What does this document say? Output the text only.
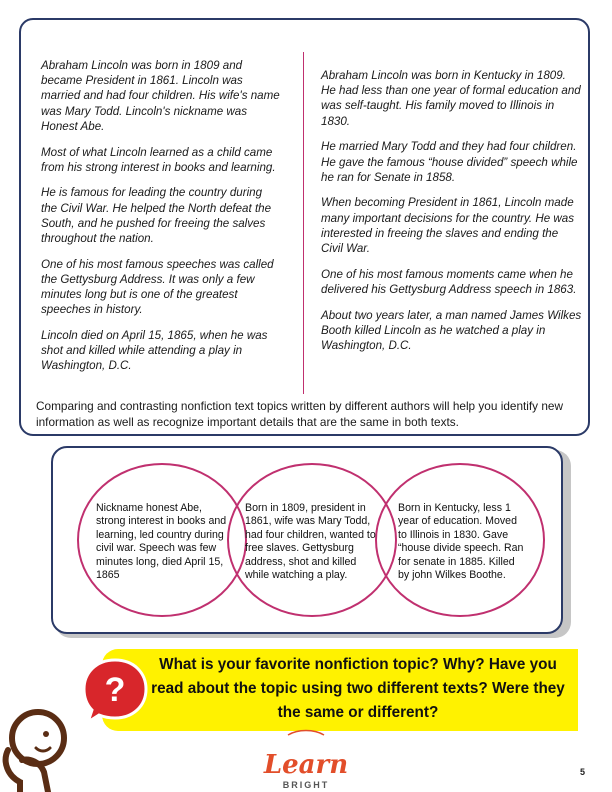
Abraham Lincoln was born in 1809 and became President in 1861. Lincoln was married and had four children. His wife's name was Mary Todd. Lincoln's nickname was Honest Abe.

Most of what Lincoln learned as a child came from his strong interest in books and learning.

He is famous for leading the country during the Civil War. He helped the North defeat the South, and he pushed for freeing the salves throughout the nation.

One of his most famous speeches was called the Gettysburg Address. It was only a few minutes long but is one of the greatest speeches in history.

Lincoln died on April 15, 1865, when he was shot and killed while attending a play in Washington, D.C.

Abraham Lincoln was born in Kentucky in 1809. He had less than one year of formal education and was self-taught. His family moved to Illinois in 1830.

He married Mary Todd and they had four children. He gave the famous “house divided” speech while he ran for Senate in 1858.

When becoming President in 1861, Lincoln made many important decisions for the country. He was interested in freeing the slaves and ending the Civil War.

One of his most famous moments came when he delivered his Gettysburg Address speech in 1863.

About two years later, a man named James Wilkes Booth killed Lincoln as he watched a play in Washington, D.C.

Comparing and contrasting nonfiction text topics written by different authors will help you identify new information as well as recognize important details that are the same in both texts.
Nickname honest Abe, strong interest in books and learning, led country during civil war. Speech was few minutes long, died April 15, 1865
Born in 1809, president in 1861, wife was Mary Todd, had four children, wanted to free slaves. Gettysburg address, shot and killed while watching a play.
Born in Kentucky, less 1 year of education. Moved to Illinois in 1830. Gave “house divide speech. Ran for senate in 1885. Killed by john Wilkes Boothe.
What is your favorite nonfiction topic? Why? Have you read about the topic using two different texts? Were they the same or different?
?
Learn
BRIGHT
5
